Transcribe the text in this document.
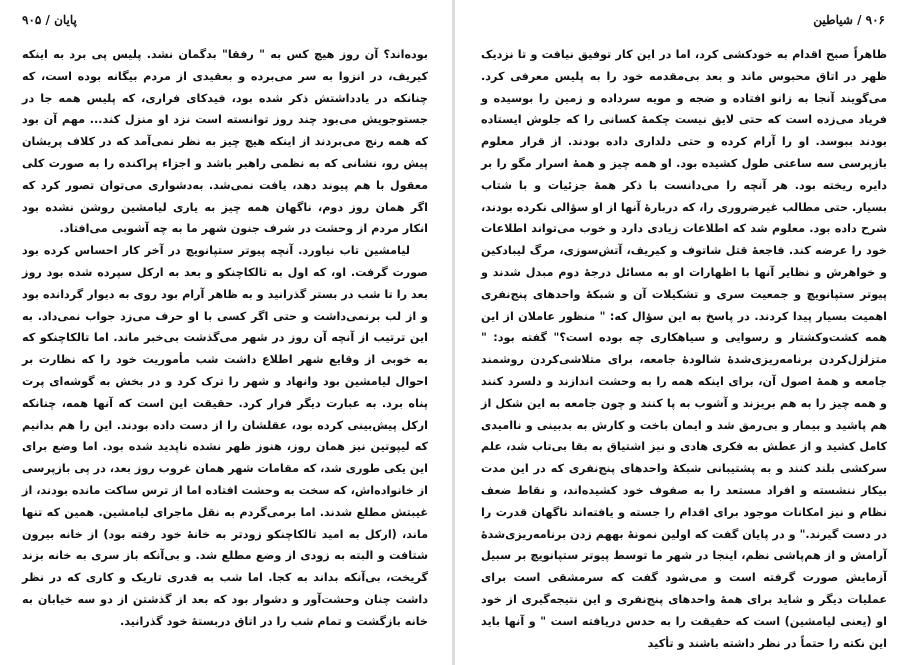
پایان / ۹۰۵

بوده‌اند؟ آن روز هیچ کس به " رفقا" بدگمان نشد. پلیس پی برد به اینکه کیریف، در انزوا به سر می‌برده و بعقیدی از مردم بیگانه بوده است، که چنانکه در یادداشتش ذکر شده بود، فیدکای فراری، که پلیس همه جا در جستوجویش می‌بود چند روز توانسته است نزد او منزل کند... مهم آن بود که همه رنج می‌بردند از اینکه هیچ چیز به نظر نمی‌آمد که در کلاف پریشان پیش رو، نشانی که به نظمی راهبر باشد و اجزاء پراکنده را به صورت کلی معقول با هم پیوند دهد، یافت نمی‌شد. به‌دشواری می‌توان تصور کرد که اگر همان روز دوم، ناگهان همه چیز به یاری لیامشین روشن نشده بود انکار مردم از وحشت در شرف جنون شهر ما به چه آشوبی می‌افتاد.

لیامشین تاب نیاورد. آنچه پیوتر ستپانویچ در آخر کار احساس کرده بود صورت گرفت. او، که اول به تالکاچنکو و بعد به ارکل سپرده شده بود روز بعد را تا شب در بستر گذرانید و به ظاهر آرام بود روی به دیوار گردانده بود و از لب برنمی‌داشت و حتی اگر کسی با او حرف می‌زد جواب نمی‌داد. به این ترتیب از آنچه آن روز در شهر می‌گذشت بی‌خبر ماند. اما تالکاچنکو که به خوبی از وقایع شهر اطلاع داشت شب مأموریت خود را که نظارت بر احوال لیامشین بود وانهاد و شهر را ترک کرد و در بخش به گوشه‌ای پرت پناه برد. به عبارت دیگر فرار کرد. حقیقت این است که آنها همه، چنانکه ارکل پیش‌بینی کرده بود، عقلشان را از دست داده بودند. این را هم بدانیم که لیپوتین نیز همان روز، هنوز ظهر نشده ناپدید شده بود. اما وضع برای این یکی طوری شد، که مقامات شهر همان غروب روز بعد، در پی بازپرسی از خانواده‌اش، که سخت به وحشت افتاده اما از ترس ساکت مانده بودند، از غیبتش مطلع شدند. اما برمی‌گردم به نقل ماجرای لیامشین. همین که تنها ماند، (ارکل به امید تالکاچنکو زودتر به خانهٔ خود رفته بود) از خانه بیرون شتافت و البته به زودی از وضع مطلع شد. و بی‌آنکه باز سری به خانه بزند گریخت، بی‌آنکه بداند به کجا. اما شب به قدری تاریک و کاری که در نظر داشت چنان وحشت‌آور و دشوار بود که بعد از گذشتن از دو سه خیابان به خانه بازگشت و تمام شب را در اتاق دربستهٔ خود گذرانید.

۹۰۶ / شیاطین

ظاهراً صبح اقدام به خودکشی کرد، اما در این کار توفیق نیافت و تا نزدیک ظهر در اتاق محبوس ماند و بعد بی‌مقدمه خود را به پلیس معرفی کرد. می‌گویند آنجا به زانو افتاده و ضجه و مویه سرداده و زمین را بوسیده و فریاد می‌زده است که حتی لایق نیست چکمهٔ کسانی را که جلوش ایستاده بودند ببوسد. او را آرام کرده و حتی دلداری داده بودند. از قرار معلوم بازپرسی سه ساعتی طول کشیده بود. او همه چیز و همهٔ اسرار مگو را بر دایره ریخته بود. هر آنچه را می‌دانست با ذکر همهٔ جزئیات و با شتاب بسیار. حتی مطالب غیرضروری را، که دربارهٔ آنها از او سؤالی نکرده بودند، شرح داده بود. معلوم شد که اطلاعات زیادی دارد و خوب می‌تواند اطلاعات خود را عرضه کند. فاجعهٔ قتل شاتوف و کیریف، آتش‌سوزی، مرگ لیبادکین و خواهرش و نظایر آنها با اظهارات او به مسائل درجهٔ دوم مبدل شدند و پیوتر ستپانویچ و جمعیت سری و تشکیلات آن و شبکهٔ واحدهای پنج‌نفری اهمیت بسیار پیدا کردند. در پاسخ به این سؤال که: " منظور عاملان از این همه کشت‌وکشتار و رسوایی و سیاهکاری چه بوده است؟" گفته بود: " متزلزل‌کردن برنامه‌ریزی‌شدهٔ شالودهٔ جامعه، برای متلاشی‌کردن روشمند جامعه و همهٔ اصول آن، برای اینکه همه را به وحشت اندازند و دلسرد کنند و همه چیز را به هم بریزند و آشوب به پا کنند و چون جامعه به این شکل از هم پاشید و بیمار و بی‌رمق شد و ایمان باخت و کارش به بدبینی و ناامیدی کامل کشید و از عطش به فکری هادی و نیز اشتیاق به بقا بی‌تاب شد، علم سرکشی بلند کنند و به پشتیبانی شبکهٔ واحدهای پنج‌نفری که در این مدت بیکار ننشسته و افراد مستعد را به صفوف خود کشیده‌اند، و نقاط ضعف نظام و نیز امکانات موجود برای اقدام را جسته و یافته‌اند ناگهان قدرت را در دست گیرند." و در پایان گفت که اولین نمونهٔ بههم زدن برنامه‌ریزی‌شدهٔ آرامش و از هم‌پاشی نظم، اینجا در شهر ما توسط پیوتر ستپانویچ بر سبیل آزمایش صورت گرفته است و می‌شود گفت که سرمشقی است برای عملیات دیگر و شاید برای همهٔ واحدهای پنج‌نفری و این نتیجه‌گیری از خود او (یعنی لیامشین) است که حقیقت را به حدس دریافته است " و آنها باید این نکته را حتماً در نظر داشته باشند و تأکید
